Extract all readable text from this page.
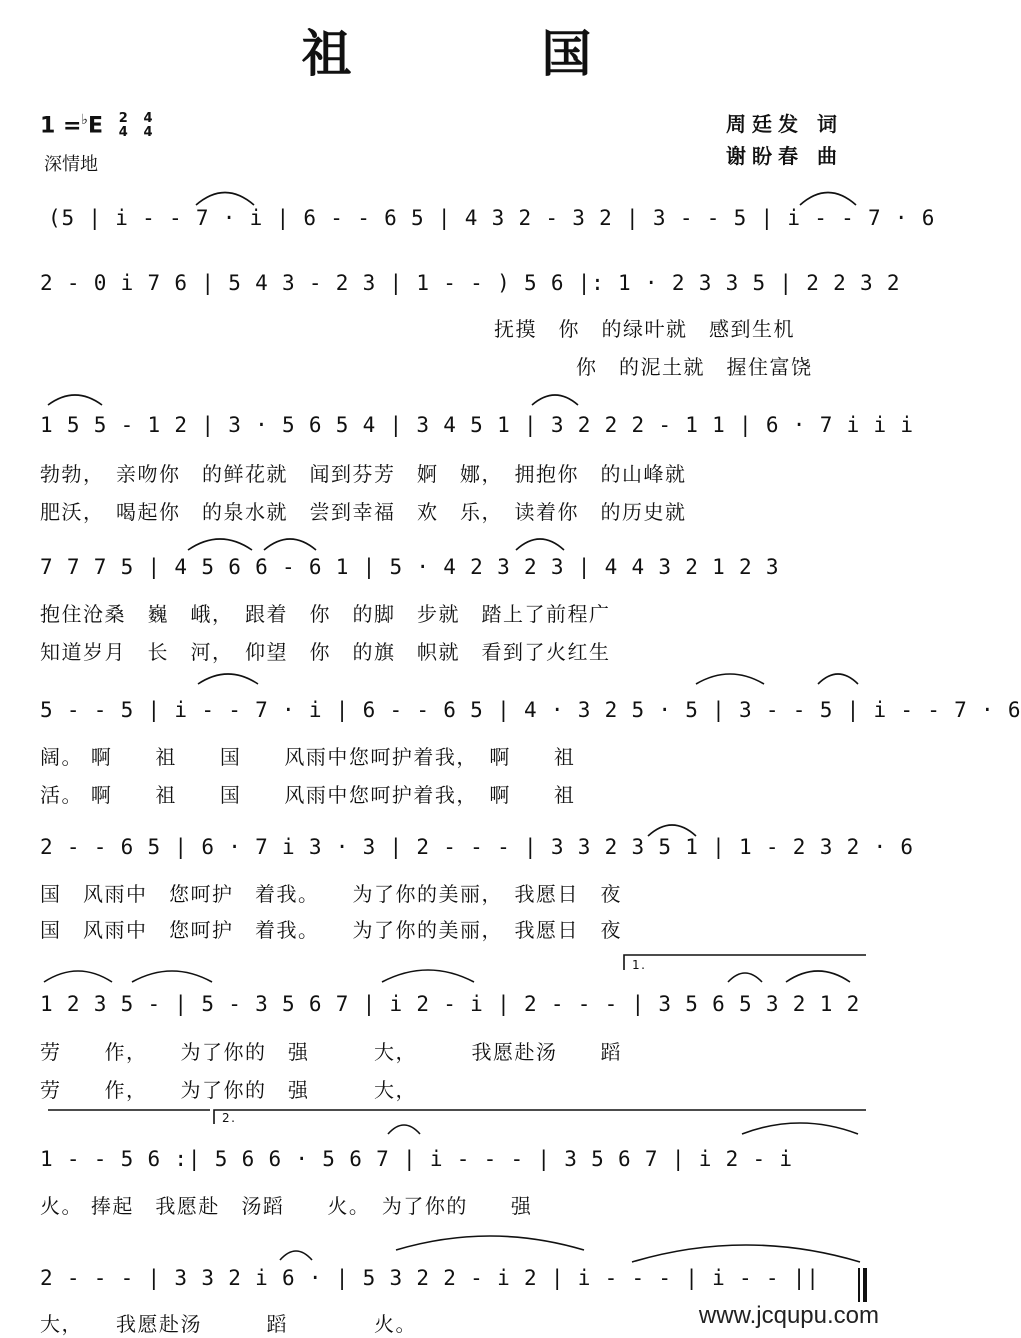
祖　国
1 =♭E 2
4

4
4
深情地
周廷发 词
谢盼春 曲
1.
2.
(5 | i - - 7 · i | 6 - - 6 5 | 4 3 2 - 3 2 | 3 - - 5 | i - - 7 · 6
2 - 0 i 7 6 | 5 4 3 - 2 3 | 1 - - ) 5 6 |: 1 · 2 3 3 5 | 2 2 3 2
抚摸　你　的绿叶就　感到生机
你　的泥土就　握住富饶
1 5 5 - 1 2 | 3 · 5 6 5 4 | 3 4 5 1 | 3 2 2 2 - 1 1 | 6 · 7 i i i
勃勃，　亲吻你　的鲜花就　闻到芬芳　婀　娜，　拥抱你　的山峰就
肥沃，　喝起你　的泉水就　尝到幸福　欢　乐，　读着你　的历史就
7 7 7 5 | 4 5 6 6 - 6 1 | 5 · 4 2 3 2 3 | 4 4 3 2 1 2 3
抱住沧桑　巍　峨，　跟着　你　的脚　步就　踏上了前程广
知道岁月　长　河，　仰望　你　的旗　帜就　看到了火红生
5 - - 5 | i - - 7 · i | 6 - - 6 5 | 4 · 3 2 5 · 5 | 3 - - 5 | i - - 7 · 6
阔。 啊　　祖　　国　　风雨中您呵护着我，　啊　　祖
活。 啊　　祖　　国　　风雨中您呵护着我，　啊　　祖
2 - - 6 5 | 6 · 7 i 3 · 3 | 2 - - - | 3 3 2 3 5 1 | 1 - 2 3 2 · 6
国　风雨中　您呵护　着我。　　为了你的美丽，　我愿日　夜
国　风雨中　您呵护　着我。　　为了你的美丽，　我愿日　夜
1 2 3 5 - | 5 - 3 5 6 7 | i 2 - i | 2 - - - | 3 5 6 5 3 2 1 2
劳　　作，　　为了你的　强　　　大，　　　我愿赴汤　　蹈
劳　　作，　　为了你的　强　　　大，
1 - - 5 6 :| 5 6 6 · 5 6 7 | i - - - | 3 5 6 7 | i 2 - i
火。 捧起　我愿赴　汤蹈　　火。　为了你的　　强
2 - - - | 3 3 2 i 6 · | 5 3 2 2 - i 2 | i - - - | i - - ||
大，　　我愿赴汤　　　蹈　　　　火。	www.jcqupu.com
